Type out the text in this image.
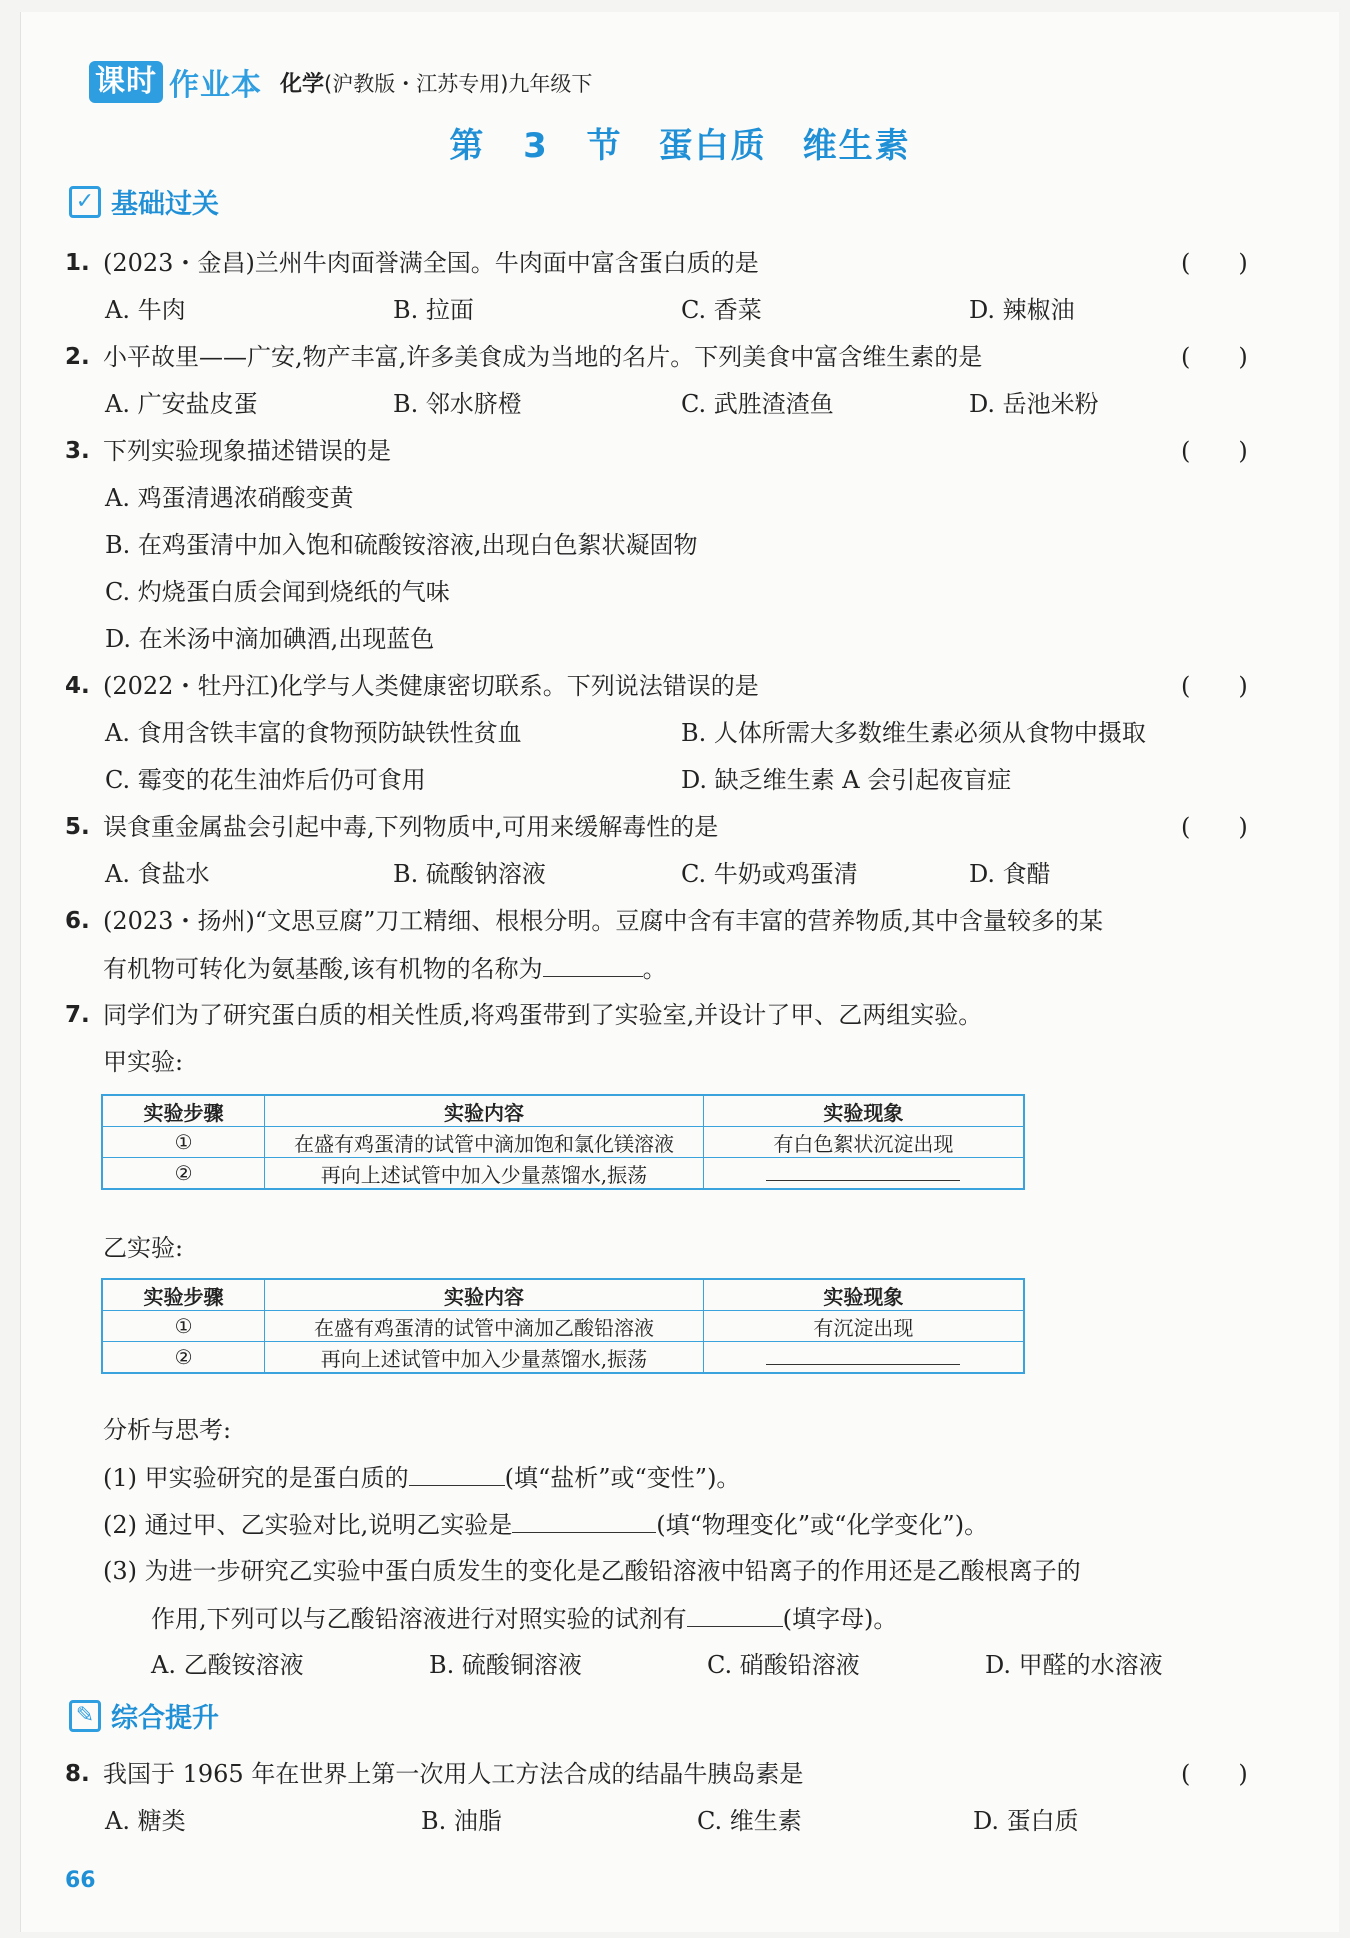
课时 作业本 化学(沪教版・江苏专用)九年级下
第 3 节　蛋白质　维生素
✓ 基础过关
1. (2023・金昌)兰州牛肉面誉满全国。牛肉面中富含蛋白质的是	(　　)
A. 牛肉	B. 拉面	C. 香菜	D. 辣椒油
2. 小平故里——广安,物产丰富,许多美食成为当地的名片。下列美食中富含维生素的是	(　　)
A. 广安盐皮蛋	B. 邻水脐橙	C. 武胜渣渣鱼	D. 岳池米粉
3. 下列实验现象描述错误的是	(　　)
A. 鸡蛋清遇浓硝酸变黄
B. 在鸡蛋清中加入饱和硫酸铵溶液,出现白色絮状凝固物
C. 灼烧蛋白质会闻到烧纸的气味
D. 在米汤中滴加碘酒,出现蓝色
4. (2022・牡丹江)化学与人类健康密切联系。下列说法错误的是	(　　)
A. 食用含铁丰富的食物预防缺铁性贫血	B. 人体所需大多数维生素必须从食物中摄取
C. 霉变的花生油炸后仍可食用	D. 缺乏维生素 A 会引起夜盲症
5. 误食重金属盐会引起中毒,下列物质中,可用来缓解毒性的是	(　　)
A. 食盐水	B. 硫酸钠溶液	C. 牛奶或鸡蛋清	D. 食醋
6. (2023・扬州)“文思豆腐”刀工精细、根根分明。豆腐中含有丰富的营养物质,其中含量较多的某
有机物可转化为氨基酸,该有机物的名称为	。
7. 同学们为了研究蛋白质的相关性质,将鸡蛋带到了实验室,并设计了甲、乙两组实验。
甲实验:
实验步骤	实验内容	实验现象
①	在盛有鸡蛋清的试管中滴加饱和氯化镁溶液	有白色絮状沉淀出现
②	再向上述试管中加入少量蒸馏水,振荡	
乙实验:
实验步骤	实验内容	实验现象
①	在盛有鸡蛋清的试管中滴加乙酸铅溶液	有沉淀出现
②	再向上述试管中加入少量蒸馏水,振荡	
分析与思考:
(1) 甲实验研究的是蛋白质的	(填“盐析”或“变性”)。
(2) 通过甲、乙实验对比,说明乙实验是	(填“物理变化”或“化学变化”)。
(3) 为进一步研究乙实验中蛋白质发生的变化是乙酸铅溶液中铅离子的作用还是乙酸根离子的
作用,下列可以与乙酸铅溶液进行对照实验的试剂有	(填字母)。
A. 乙酸铵溶液	B. 硫酸铜溶液	C. 硝酸铅溶液	D. 甲醛的水溶液
✎ 综合提升
8. 我国于 1965 年在世界上第一次用人工方法合成的结晶牛胰岛素是	(　　)
A. 糖类	B. 油脂	C. 维生素	D. 蛋白质
66
